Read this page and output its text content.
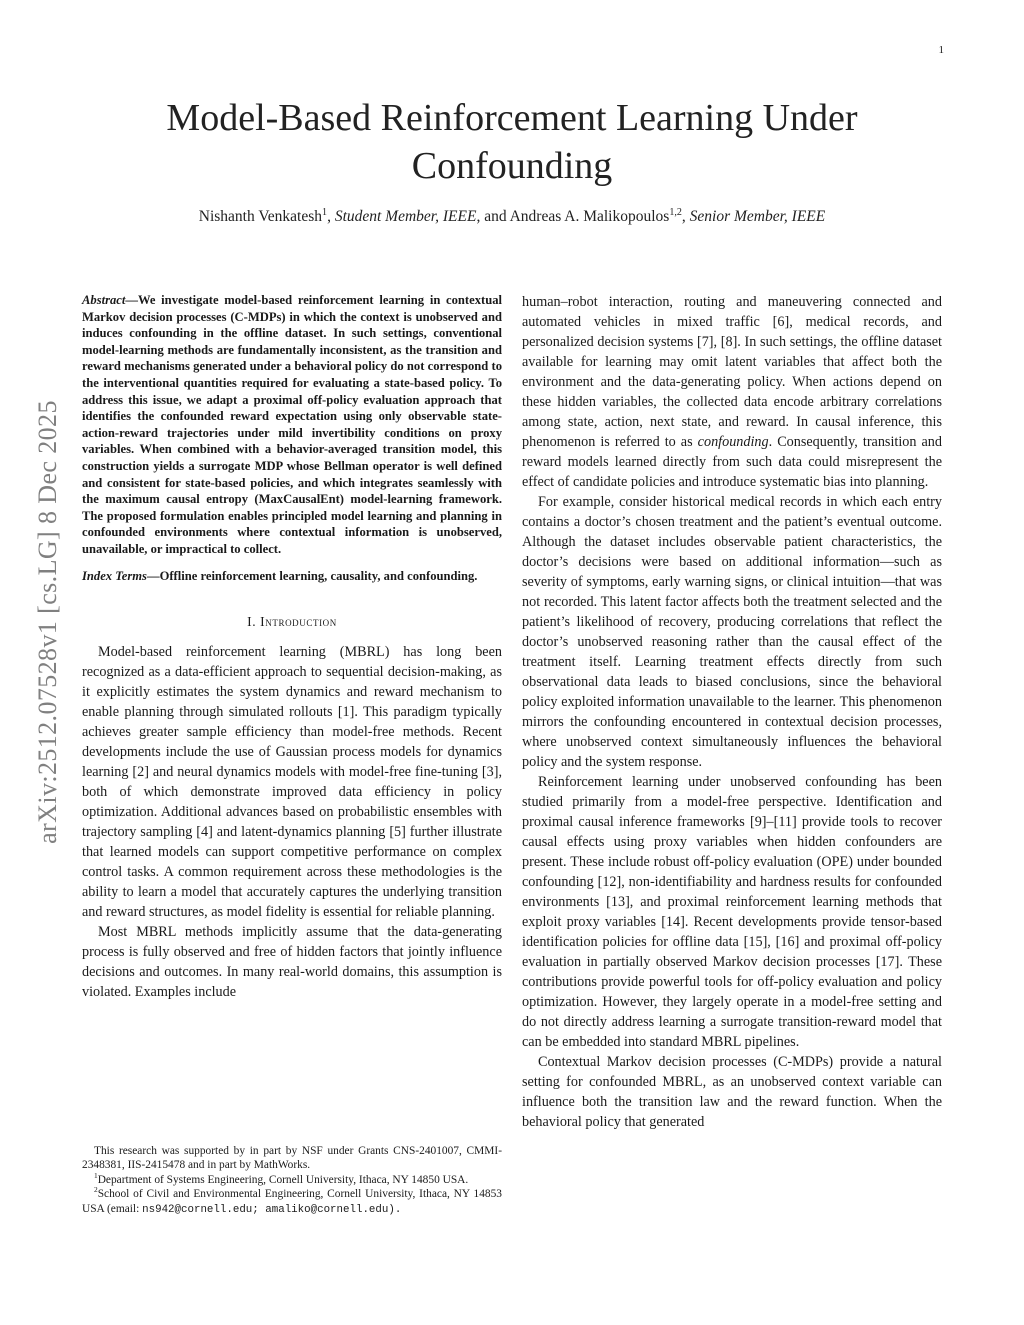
1
arXiv:2512.07528v1 [cs.LG] 8 Dec 2025
Model-Based Reinforcement Learning Under Confounding
Nishanth Venkatesh$^1$, Student Member, IEEE, and Andreas A. Malikopoulos$^{1,2}$, Senior Member, IEEE

Abstract—We investigate model-based reinforcement learning in contextual Markov decision processes (C-MDPs) in which the context is unobserved and induces confounding in the offline dataset. In such settings, conventional model-learning methods are fundamentally inconsistent, as the transition and reward mechanisms generated under a behavioral policy do not correspond to the interventional quantities required for evaluating a state-based policy. To address this issue, we adapt a proximal off-policy evaluation approach that identifies the confounded reward expectation using only observable state-action-reward trajectories under mild invertibility conditions on proxy variables. When combined with a behavior-averaged transition model, this construction yields a surrogate MDP whose Bellman operator is well defined and consistent for state-based policies, and which integrates seamlessly with the maximum causal entropy (MaxCausalEnt) model-learning framework. The proposed formulation enables principled model learning and planning in confounded environments where contextual information is unobserved, unavailable, or impractical to collect.

Index Terms—Offline reinforcement learning, causality, and confounding.

I. Introduction

Model-based reinforcement learning (MBRL) has long been recognized as a data-efficient approach to sequential decision-making, as it explicitly estimates the system dynamics and reward mechanism to enable planning through simulated rollouts [1]. This paradigm typically achieves greater sample efficiency than model-free methods. Recent developments include the use of Gaussian process models for dynamics learning [2] and neural dynamics models with model-free fine-tuning [3], both of which demonstrate improved data efficiency in policy optimization. Additional advances based on probabilistic ensembles with trajectory sampling [4] and latent-dynamics planning [5] further illustrate that learned models can support competitive performance on complex control tasks. A common requirement across these methodologies is the ability to learn a model that accurately captures the underlying transition and reward structures, as model fidelity is essential for reliable planning.

Most MBRL methods implicitly assume that the data-generating process is fully observed and free of hidden factors that jointly influence decisions and outcomes. In many real-world domains, this assumption is violated. Examples include

This research was supported by in part by NSF under Grants CNS-2401007, CMMI-2348381, IIS-2415478 and in part by MathWorks.

$^1$Department of Systems Engineering, Cornell University, Ithaca, NY 14850 USA.

$^2$School of Civil and Environmental Engineering, Cornell University, Ithaca, NY 14853 USA (email: ns942@cornell.edu; amaliko@cornell.edu).

human–robot interaction, routing and maneuvering connected and automated vehicles in mixed traffic [6], medical records, and personalized decision systems [7], [8]. In such settings, the offline dataset available for learning may omit latent variables that affect both the environment and the data-generating policy. When actions depend on these hidden variables, the collected data encode arbitrary correlations among state, action, next state, and reward. In causal inference, this phenomenon is referred to as confounding. Consequently, transition and reward models learned directly from such data could misrepresent the effect of candidate policies and introduce systematic bias into planning.

For example, consider historical medical records in which each entry contains a doctor’s chosen treatment and the patient’s eventual outcome. Although the dataset includes observable patient characteristics, the doctor’s decisions were based on additional information—such as severity of symptoms, early warning signs, or clinical intuition—that was not recorded. This latent factor affects both the treatment selected and the patient’s likelihood of recovery, producing correlations that reflect the doctor’s unobserved reasoning rather than the causal effect of the treatment itself. Learning treatment effects directly from such observational data leads to biased conclusions, since the behavioral policy exploited information unavailable to the learner. This phenomenon mirrors the confounding encountered in contextual decision processes, where unobserved context simultaneously influences the behavioral policy and the system response.

Reinforcement learning under unobserved confounding has been studied primarily from a model-free perspective. Identification and proximal causal inference frameworks [9]–[11] provide tools to recover causal effects using proxy variables when hidden confounders are present. These include robust off-policy evaluation (OPE) under bounded confounding [12], non-identifiability and hardness results for confounded environments [13], and proximal reinforcement learning methods that exploit proxy variables [14]. Recent developments provide tensor-based identification policies for offline data [15], [16] and proximal off-policy evaluation in partially observed Markov decision processes [17]. These contributions provide powerful tools for off-policy evaluation and policy optimization. However, they largely operate in a model-free setting and do not directly address learning a surrogate transition-reward model that can be embedded into standard MBRL pipelines.

Contextual Markov decision processes (C-MDPs) provide a natural setting for confounded MBRL, as an unobserved context variable can influence both the transition law and the reward function. When the behavioral policy that generated
